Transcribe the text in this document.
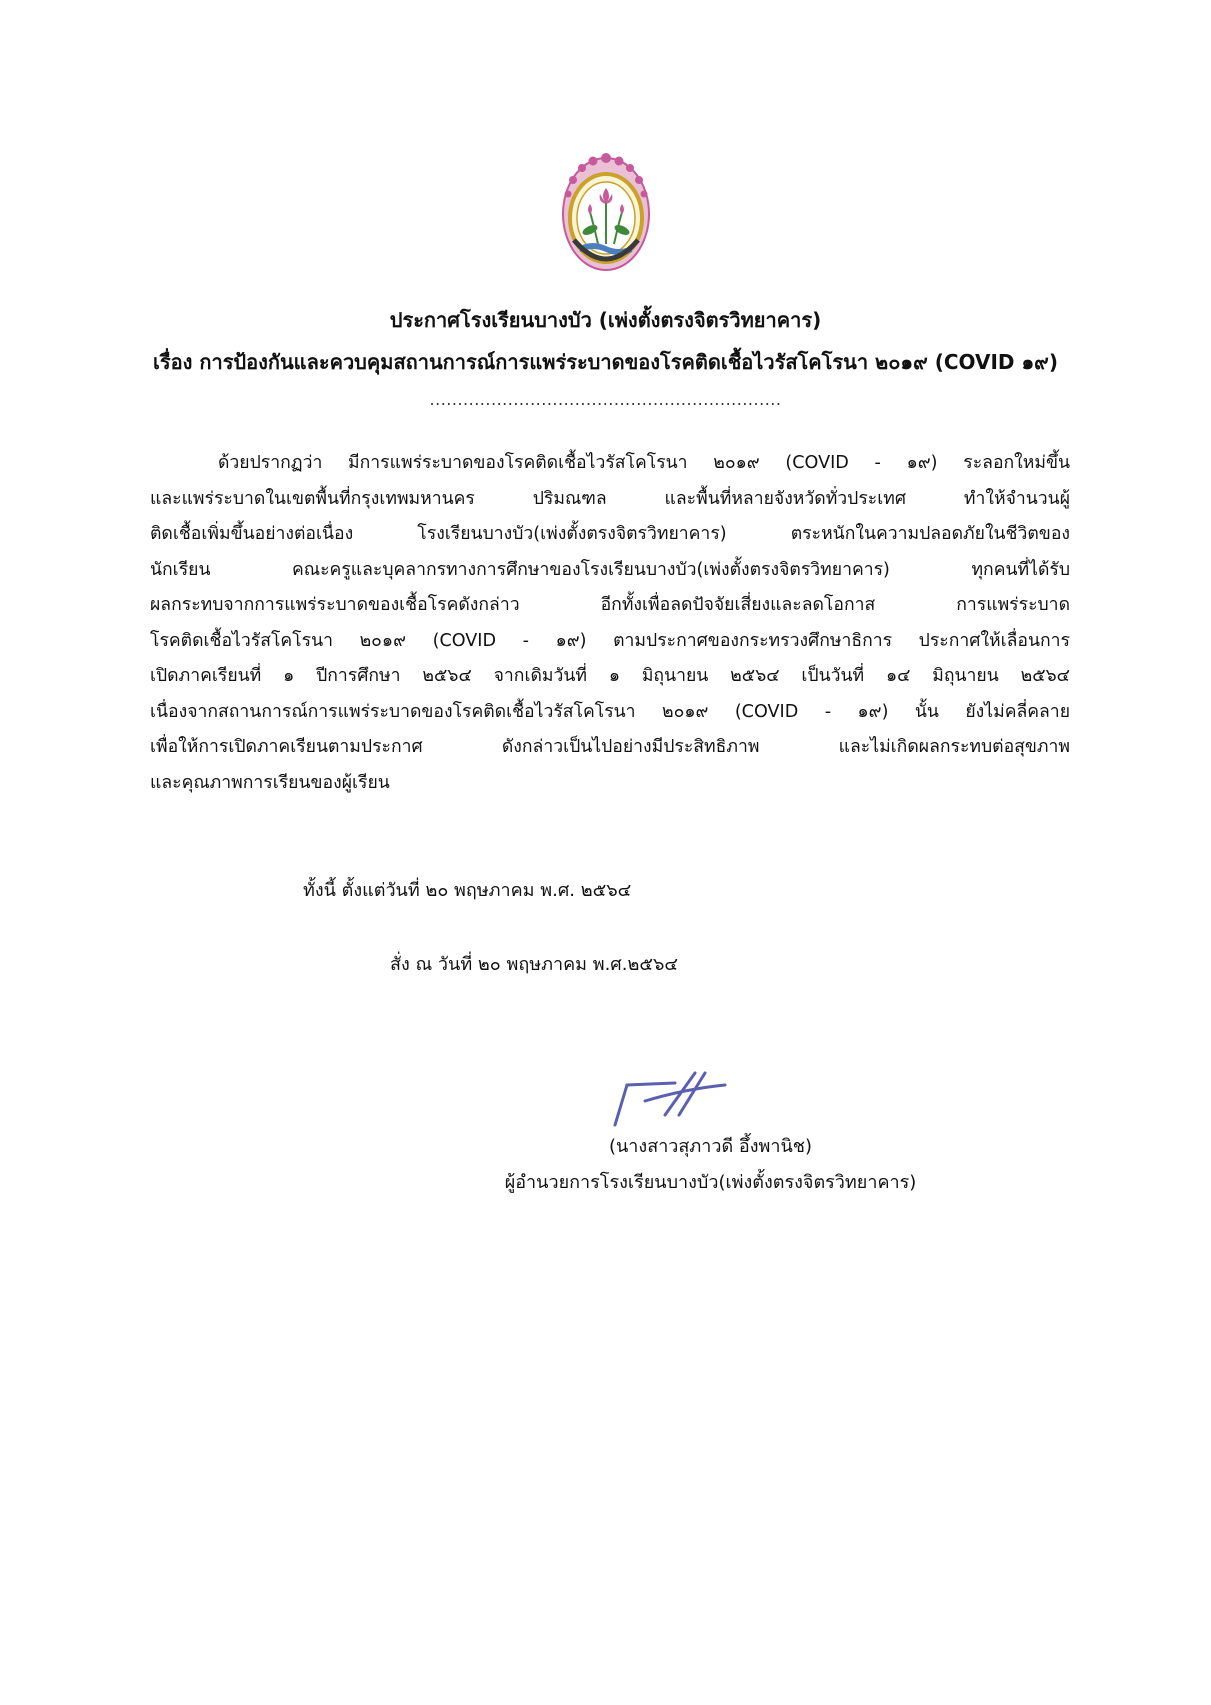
ประกาศโรงเรียนบางบัว (เพ่งตั้งตรงจิตรวิทยาคาร)
เรื่อง การป้องกันและควบคุมสถานการณ์การแพร่ระบาดของโรคติดเชื้อไวรัสโคโรนา ๒๐๑๙ (COVID ๑๙)
...............................................................
ด้วยปรากฏว่า มีการแพร่ระบาดของโรคติดเชื้อไวรัสโคโรนา ๒๐๑๙ (COVID - ๑๙) ระลอกใหม่ขึ้น
และแพร่ระบาดในเขตพื้นที่กรุงเทพมหานคร ปริมณฑล และพื้นที่หลายจังหวัดทั่วประเทศ ทำให้จำนวนผู้
ติดเชื้อเพิ่มขึ้นอย่างต่อเนื่อง โรงเรียนบางบัว(เพ่งตั้งตรงจิตรวิทยาคาร) ตระหนักในความปลอดภัยในชีวิตของ
นักเรียน คณะครูและบุคลากรทางการศึกษาของโรงเรียนบางบัว(เพ่งตั้งตรงจิตรวิทยาคาร) ทุกคนที่ได้รับ
ผลกระทบจากการแพร่ระบาดของเชื้อโรคดังกล่าว อีกทั้งเพื่อลดปัจจัยเสี่ยงและลดโอกาส การแพร่ระบาด
โรคติดเชื้อไวรัสโคโรนา ๒๐๑๙ (COVID - ๑๙) ตามประกาศของกระทรวงศึกษาธิการ ประกาศให้เลื่อนการ
เปิดภาคเรียนที่ ๑ ปีการศึกษา ๒๕๖๔ จากเดิมวันที่ ๑ มิถุนายน ๒๕๖๔ เป็นวันที่ ๑๔ มิถุนายน ๒๕๖๔
เนื่องจากสถานการณ์การแพร่ระบาดของโรคติดเชื้อไวรัสโคโรนา ๒๐๑๙ (COVID - ๑๙) นั้น ยังไม่คลี่คลาย
เพื่อให้การเปิดภาคเรียนตามประกาศ ดังกล่าวเป็นไปอย่างมีประสิทธิภาพ และไม่เกิดผลกระทบต่อสุขภาพ
และคุณภาพการเรียนของผู้เรียน
ทั้งนี้ ตั้งแต่วันที่ ๒๐ พฤษภาคม พ.ศ. ๒๕๖๔
สั่ง ณ วันที่ ๒๐ พฤษภาคม พ.ศ.๒๕๖๔
(นางสาวสุภาวดี อึ้งพานิช)
ผู้อำนวยการโรงเรียนบางบัว(เพ่งตั้งตรงจิตรวิทยาคาร)
